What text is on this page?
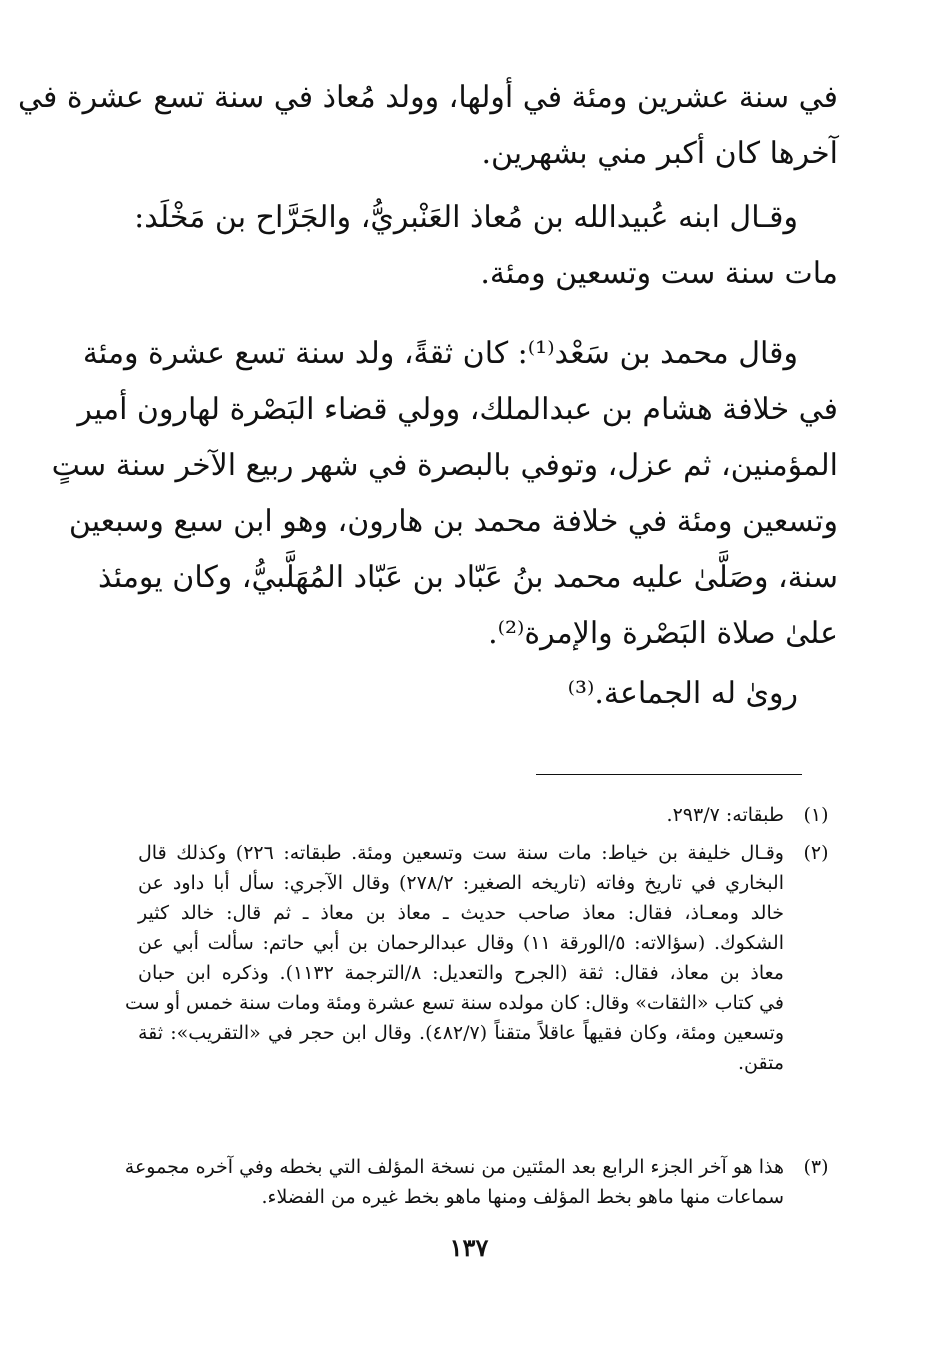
في سنة عشرين ومئة في أولها، وولد مُعاذ في سنة تسع عشرة في
آخرها كان أكبر مني بشهرين.
وقـال ابنه عُبيدالله بن مُعاذ العَنْبريُّ، والجَرَّاح بن مَخْلَد:
مات سنة ست وتسعين ومئة.
وقال محمد بن سَعْد⁽¹⁾: كان ثقةً، ولد سنة تسع عشرة ومئة
في خلافة هشام بن عبدالملك، وولي قضاء البَصْرة لهارون أمير
المؤمنين، ثم عزل، وتوفي بالبصرة في شهر ربيع الآخر سنة ستٍ
وتسعين ومئة في خلافة محمد بن هارون، وهو ابن سبع وسبعين
سنة، وصَلَّىٰ عليه محمد بنُ عَبّاد بن عَبّاد المُهَلَّبيُّ، وكان يومئذ
علىٰ صلاة البَصْرة والإمرة⁽²⁾.
روىٰ له الجماعة.⁽³⁾
(١)
طبقاته: ٢٩٣/٧.
(٢)
وقـال خليفة بن خياط: مات سنة ست وتسعين ومئة. طبقاته: ٢٢٦) وكذلك قال
البخاري في تاريخ وفاته (تاريخه الصغير: ٢٧٨/٢) وقال الآجري: سأل أبا داود عن
خالد ومعـاذ، فقال: معاذ صاحب حديث ـ معاذ بن معاذ ـ ثم قال: خالد كثير
الشكوك. (سؤالاته: ٥/الورقة ١١) وقال عبدالرحمان بن أبي حاتم: سألت أبي عن
معاذ بن معاذ، فقال: ثقة (الجرح والتعديل: ٨/الترجمة ١١٣٢). وذكره ابن حبان
في كتاب «الثقات» وقال: كان مولده سنة تسع عشرة ومئة ومات سنة خمس أو ست
وتسعين ومئة، وكان فقيهاً عاقلاً متقناً (٤٨٢/٧). وقال ابن حجر في «التقريب»: ثقة
متقن.
(٣)
هذا هو آخر الجزء الرابع بعد المئتين من نسخة المؤلف التي بخطه وفي آخره مجموعة
سماعات منها ماهو بخط المؤلف ومنها ماهو بخط غيره من الفضلاء.
١٣٧
